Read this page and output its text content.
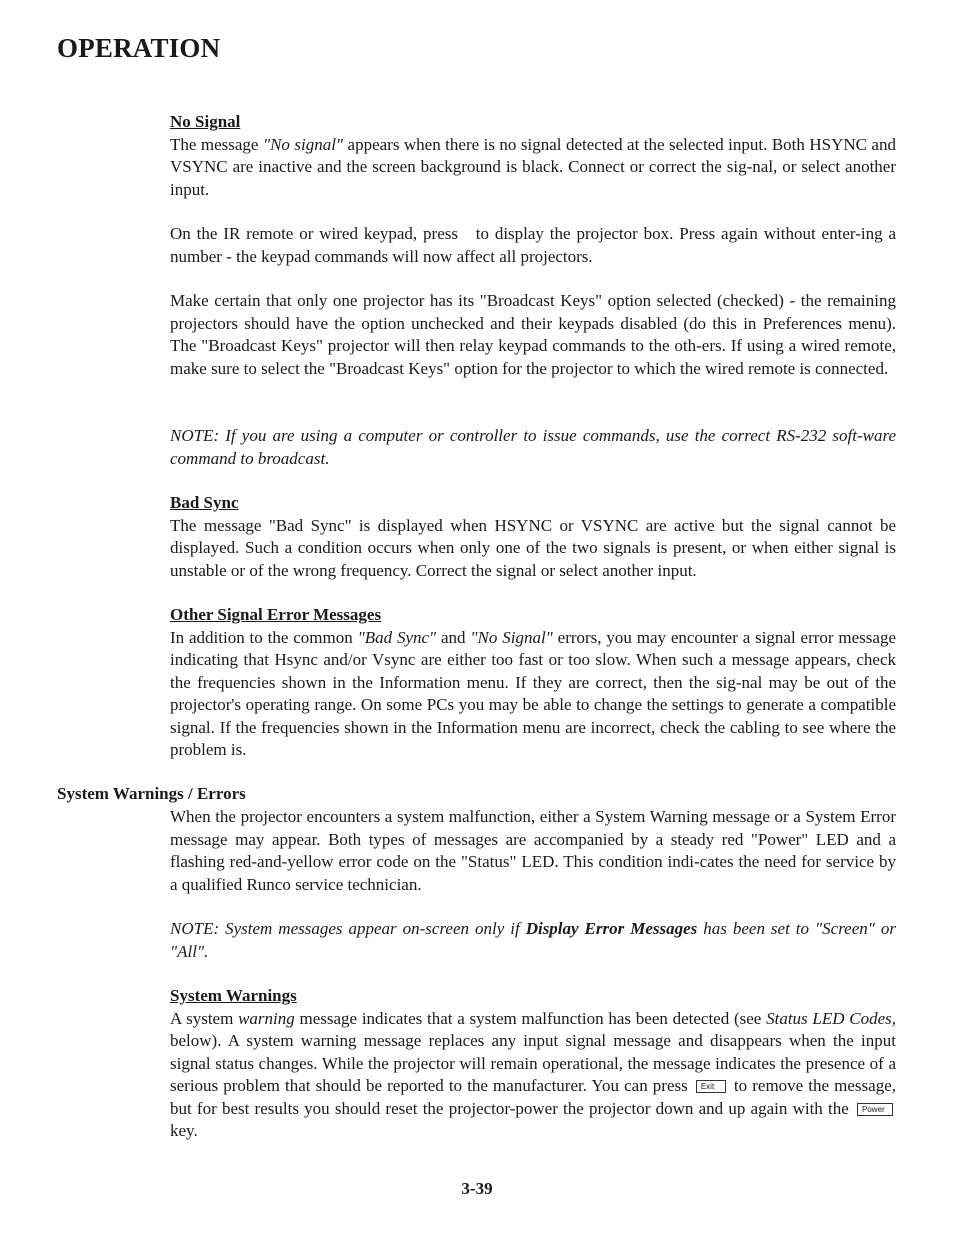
OPERATION
No Signal
The message "No signal" appears when there is no signal detected at the selected input. Both HSYNC and VSYNC are inactive and the screen background is black. Connect or correct the sig-nal, or select another input.
On the IR remote or wired keypad, press  to display the projector box. Press again without enter-ing a number - the keypad commands will now affect all projectors.
Make certain that only one projector has its "Broadcast Keys" option selected (checked) - the remaining projectors should have the option unchecked and their keypads disabled (do this in Preferences menu). The "Broadcast Keys" projector will then relay keypad commands to the oth-ers. If using a wired remote, make sure to select the "Broadcast Keys" option for the projector to which the wired remote is connected.
NOTE: If you are using a computer or controller to issue commands, use the correct RS-232 soft-ware command to broadcast.
Bad Sync
The message "Bad Sync" is displayed when HSYNC or VSYNC are active but the signal cannot be displayed. Such a condition occurs when only one of the two signals is present, or when either signal is unstable or of the wrong frequency. Correct the signal or select another input.
Other Signal Error Messages
In addition to the common "Bad Sync" and "No Signal" errors, you may encounter a signal error message indicating that Hsync and/or Vsync are either too fast or too slow. When such a message appears, check the frequencies shown in the Information menu. If they are correct, then the sig-nal may be out of the projector's operating range. On some PCs you may be able to change the settings to generate a compatible signal. If the frequencies shown in the Information menu are incorrect, check the cabling to see where the problem is.
System Warnings / Errors
When the projector encounters a system malfunction, either a System Warning message or a System Error message may appear. Both types of messages are accompanied by a steady red "Power" LED and a flashing red-and-yellow error code on the "Status" LED. This condition indi-cates the need for service by a qualified Runco service technician.
NOTE: System messages appear on-screen only if Display Error Messages has been set to "Screen" or "All".
System Warnings
A system warning message indicates that a system malfunction has been detected (see Status LED Codes, below). A system warning message replaces any input signal message and disappears when the input signal status changes. While the projector will remain operational, the message indicates the presence of a serious problem that should be reported to the manufacturer. You can press Exit to remove the message, but for best results you should reset the projector-power the projector down and up again with the Power key.
3-39
